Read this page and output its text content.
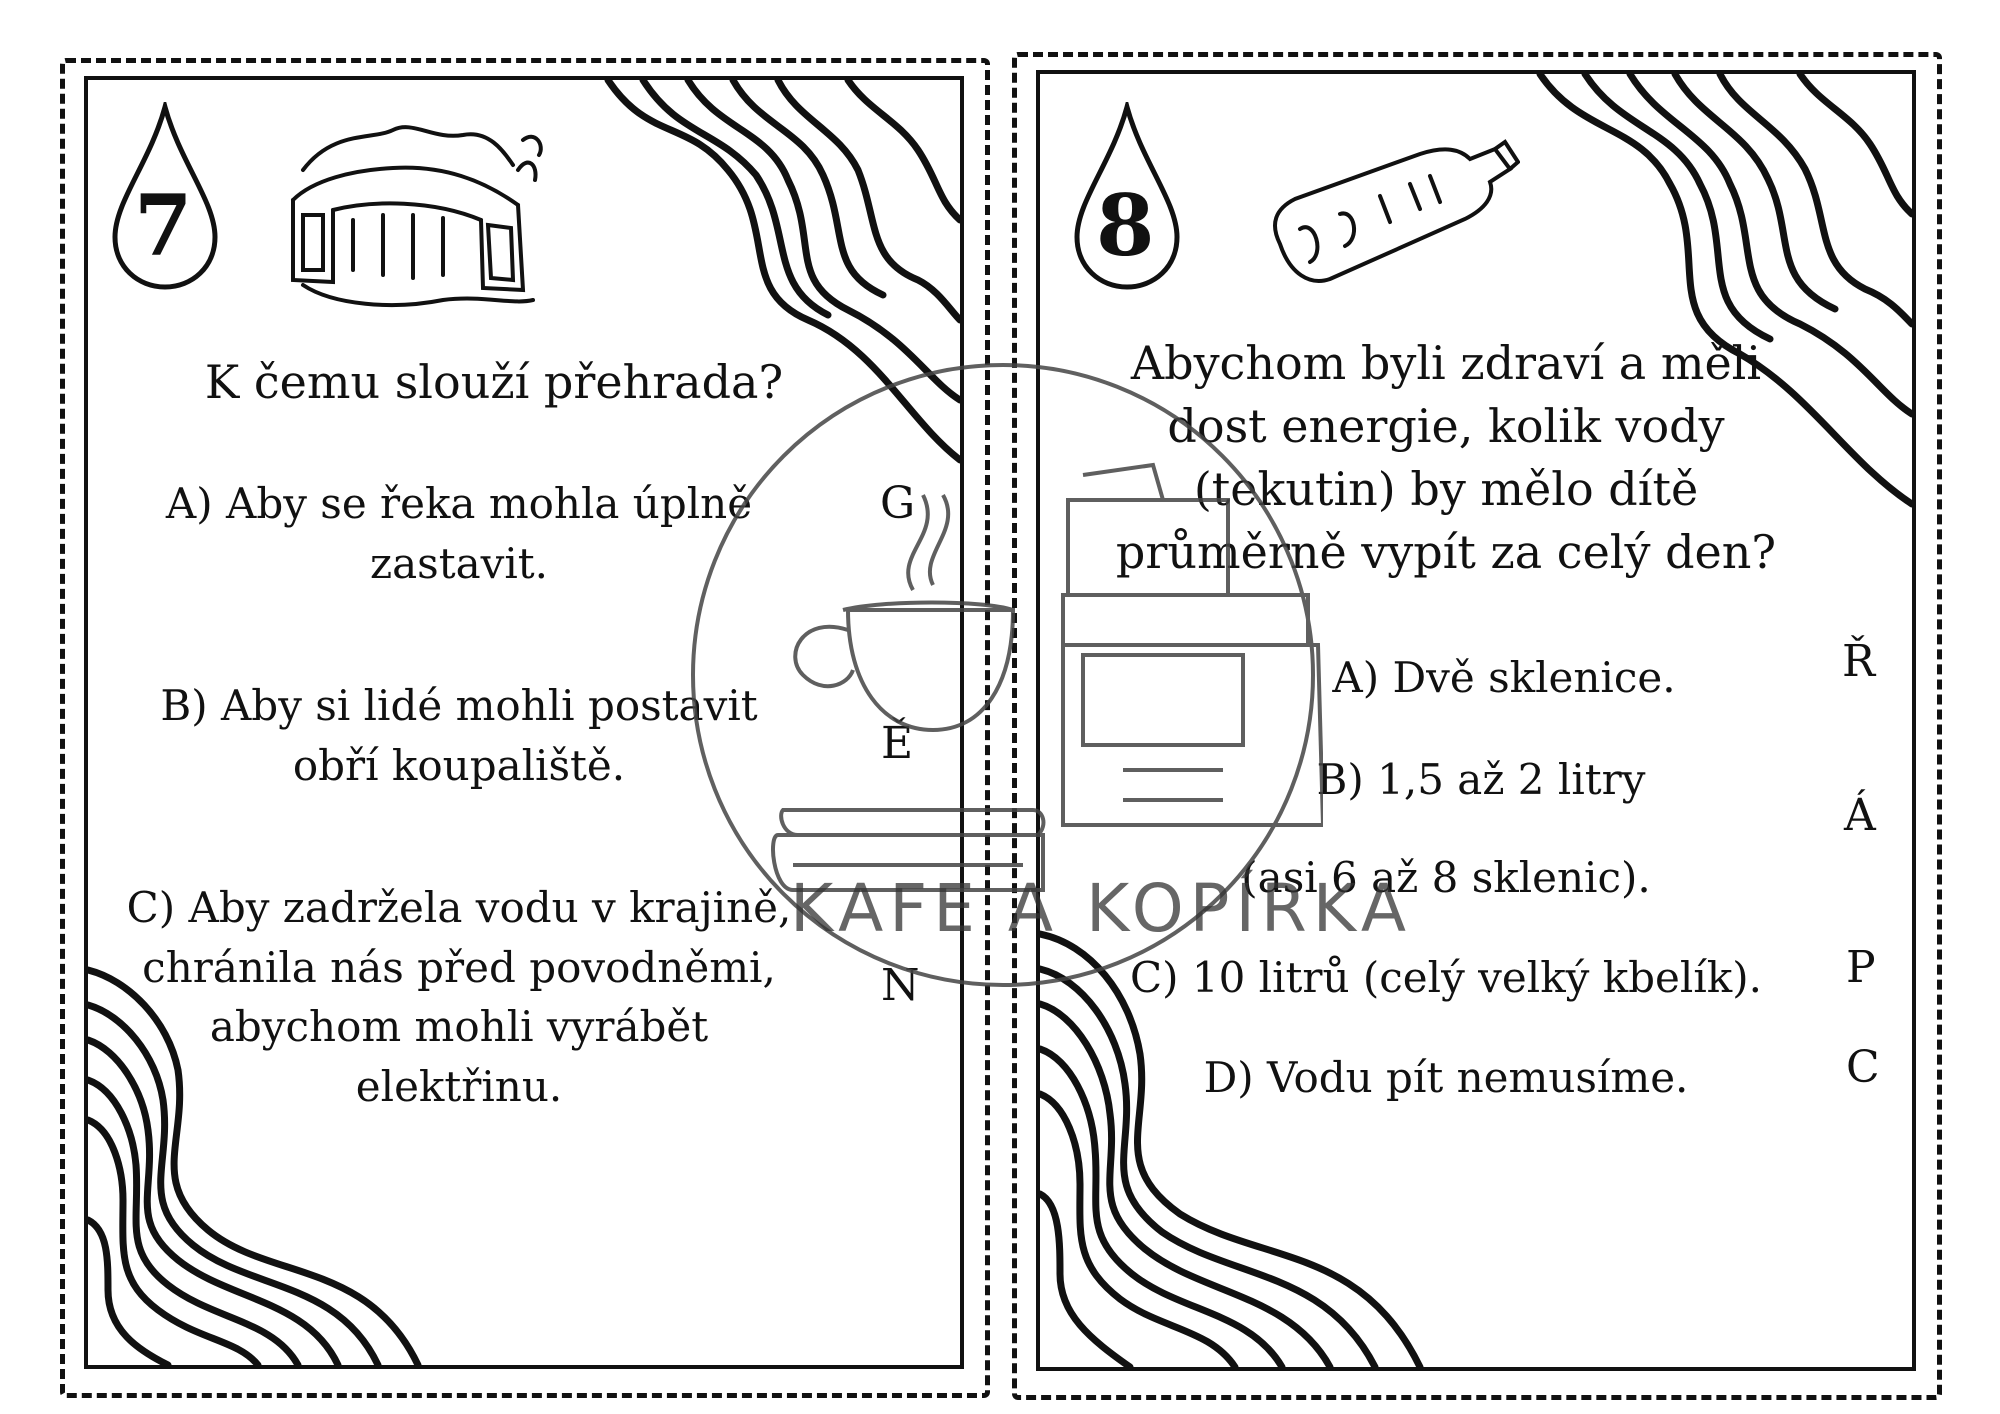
7
K čemu slouží přehrada?
A) Aby se řeka mohla úplně
zastavit.
G
B) Aby si lidé mohli postavit
obří koupaliště.	Ě
C) Aby zadržela vodu v krajině,
chránila nás před povodněmi,
abychom mohli vyrábět
elektřinu.
N
8
Abychom byli zdraví a měli
dost energie, kolik vody
(tekutin) by mělo dítě
průměrně vypít za celý den?
A) Dvě sklenice.	Ř
B) 1,5 až 2 litry
Á
(asi 6 až 8 sklenic).
C) 10 litrů (celý velký kbelík).	P
D) Vodu pít nemusíme.	C
KAFE A KOPÍRKA
